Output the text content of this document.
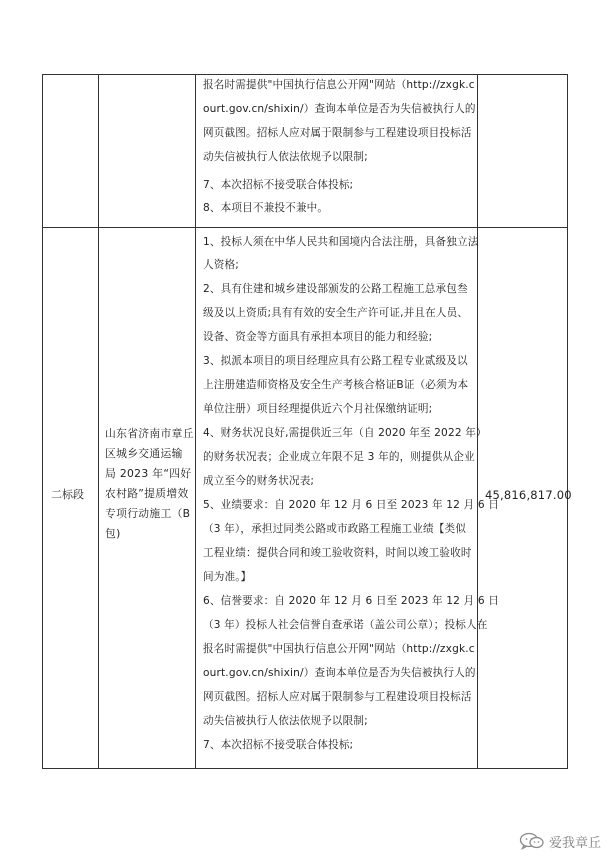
报名时需提供"中国执行信息公开网"网站（http://zxgk.c
ourt.gov.cn/shixin/）查询本单位是否为失信被执行人的
网页截图。招标人应对属于限制参与工程建设项目投标活
动失信被执行人依法依规予以限制;
7、本次招标不接受联合体投标;
8、本项目不兼投不兼中。
二标段
山东省济南市章丘
区城乡交通运输
局 2023 年“四好
农村路”提质增效
专项行动施工（B
包)
1、投标人须在中华人民共和国境内合法注册，具备独立法
人资格;
2、具有住建和城乡建设部颁发的公路工程施工总承包叁
级及以上资质;具有有效的安全生产许可证,并且在人员、
设备、资金等方面具有承担本项目的能力和经验;
3、拟派本项目的项目经理应具有公路工程专业贰级及以
上注册建造师资格及安全生产考核合格证B证（必须为本
单位注册）项目经理提供近六个月社保缴纳证明;
4、财务状况良好,需提供近三年（自 2020 年至 2022 年）
的财务状况表；企业成立年限不足 3 年的，则提供从企业
成立至今的财务状况表;
5、业绩要求：自 2020 年 12 月 6 日至 2023 年 12 月 6 日
（3 年），承担过同类公路或市政路工程施工业绩【类似
工程业绩：提供合同和竣工验收资料，时间以竣工验收时
间为准。】
6、信誉要求：自 2020 年 12 月 6 日至 2023 年 12 月 6 日
（3 年）投标人社会信誉自查承诺（盖公司公章）；投标人在
报名时需提供"中国执行信息公开网"网站（http://zxgk.c
ourt.gov.cn/shixin/）查询本单位是否为失信被执行人的
网页截图。招标人应对属于限制参与工程建设项目投标活
动失信被执行人依法依规予以限制;
7、本次招标不接受联合体投标;
45,816,817.00
爱我章丘
